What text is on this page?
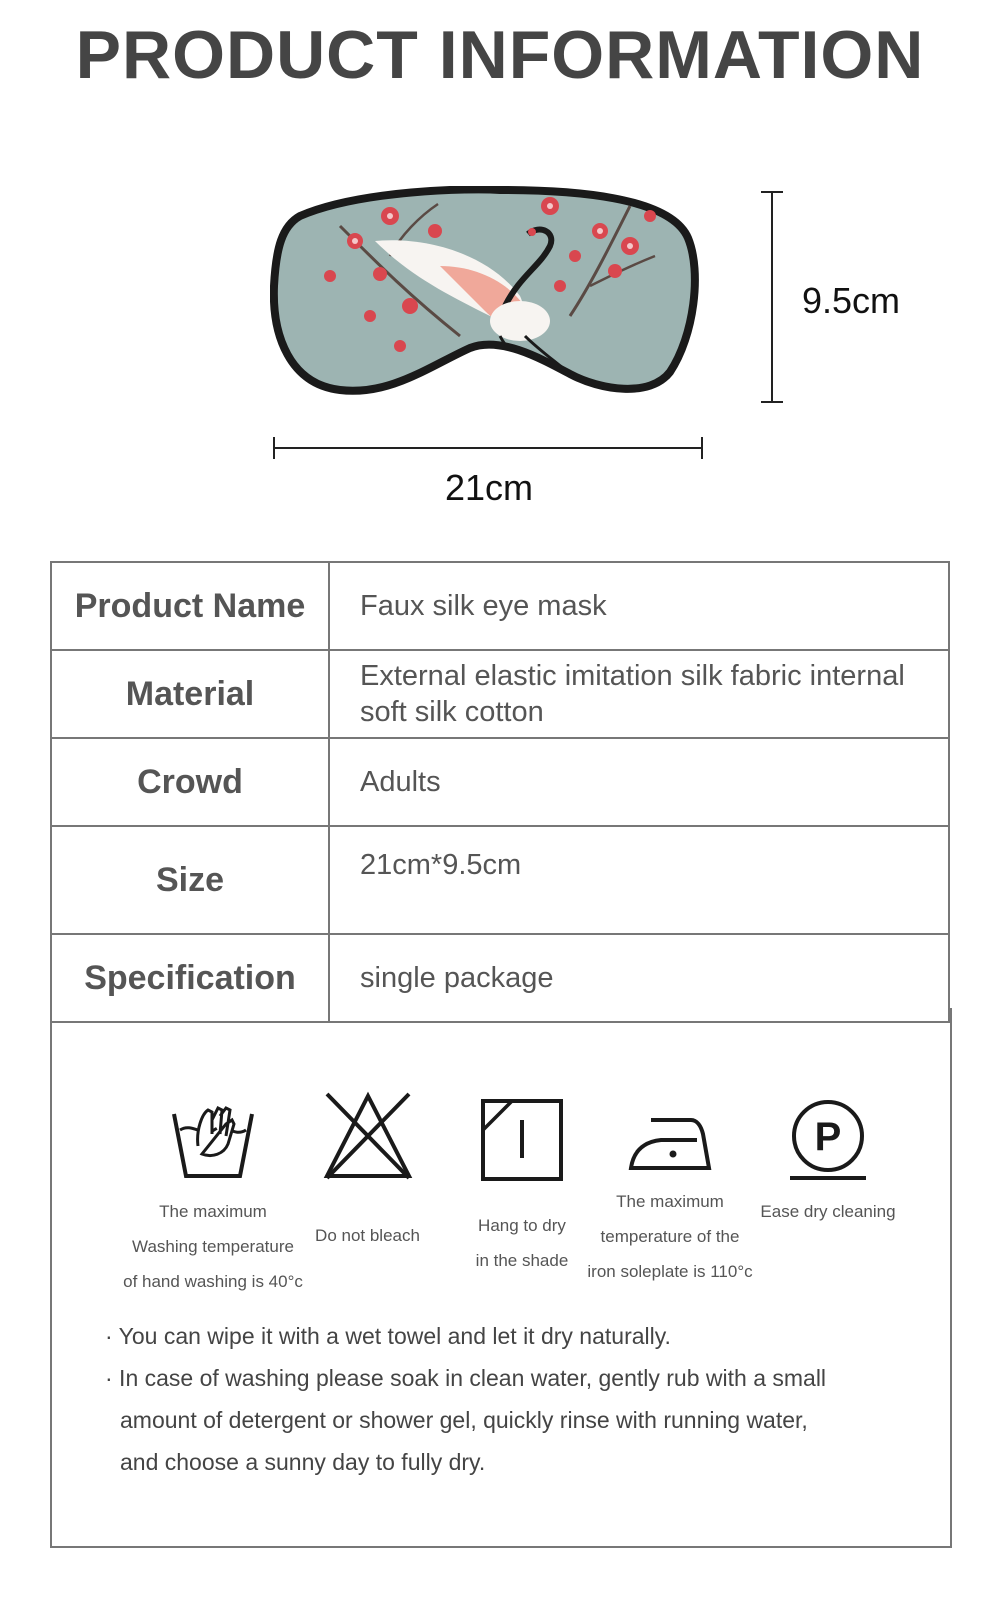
PRODUCT INFORMATION
9.5cm
21cm
Product Name	Faux silk eye mask
Material	External elastic imitation silk fabric internal soft silk cotton
Crowd	Adults
Size	21cm*9.5cm
Specification	single package
The maximum
Washing temperature
of hand washing is 40°c
Do not bleach
Hang to dry
in the shade
The maximum
temperature of the
iron soleplate is 110°c
P
Ease dry cleaning
· You can wipe it with a wet towel and let it dry naturally.
· In case of washing please soak in clean water, gently rub with a small
amount of detergent or shower gel, quickly rinse with running water,
and choose a sunny day to fully dry.
